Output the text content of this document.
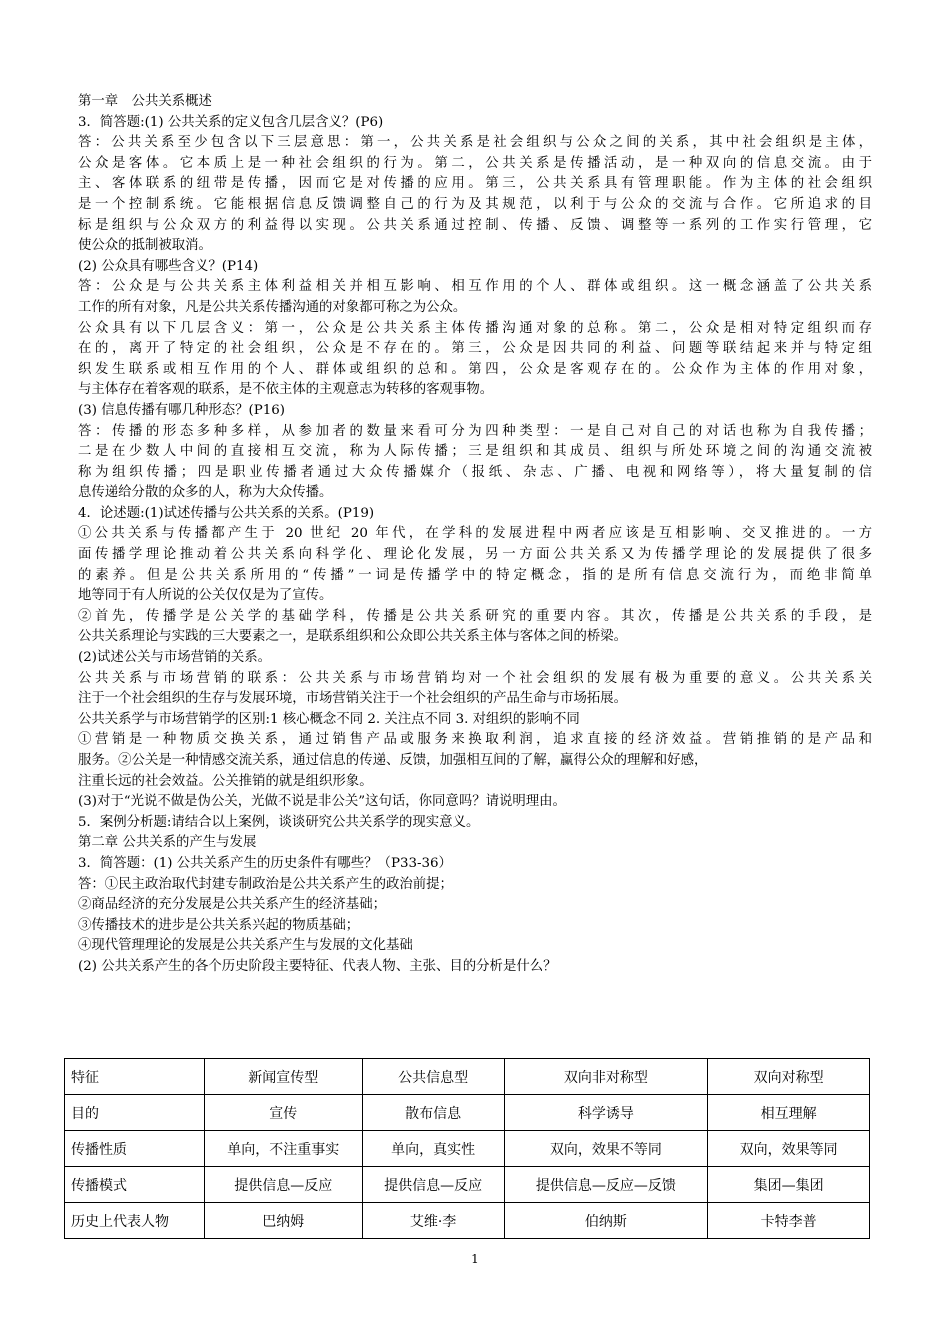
第一章　公共关系概述
3．简答题:(1) 公共关系的定义包含几层含义？(P6)
答：公共关系至少包含以下三层意思：第一，公共关系是社会组织与公众之间的关系，其中社会组织是主体，
公众是客体。它本质上是一种社会组织的行为。第二，公共关系是传播活动，是一种双向的信息交流。由于
主、客体联系的纽带是传播，因而它是对传播的应用。第三，公共关系具有管理职能。作为主体的社会组织
是一个控制系统。它能根据信息反馈调整自己的行为及其规范，以利于与公众的交流与合作。它所追求的目
标是组织与公众双方的利益得以实现。公共关系通过控制、传播、反馈、调整等一系列的工作实行管理，它
使公众的抵制被取消。
(2) 公众具有哪些含义？(P14)
答：公众是与公共关系主体利益相关并相互影响、相互作用的个人、群体或组织。这一概念涵盖了公共关系
工作的所有对象，凡是公共关系传播沟通的对象都可称之为公众。
公众具有以下几层含义：第一，公众是公共关系主体传播沟通对象的总称。第二，公众是相对特定组织而存
在的，离开了特定的社会组织，公众是不存在的。第三，公众是因共同的利益、问题等联结起来并与特定组
织发生联系或相互作用的个人、群体或组织的总和。第四，公众是客观存在的。公众作为主体的作用对象，
与主体存在着客观的联系，是不依主体的主观意志为转移的客观事物。
(3) 信息传播有哪几种形态？(P16)
答：传播的形态多种多样，从参加者的数量来看可分为四种类型：一是自己对自己的对话也称为自我传播；
二是在少数人中间的直接相互交流，称为人际传播；三是组织和其成员、组织与所处环境之间的沟通交流被
称为组织传播；四是职业传播者通过大众传播媒介（报纸、杂志、广播、电视和网络等），将大量复制的信
息传递给分散的众多的人，称为大众传播。
4．论述题:(1)试述传播与公共关系的关系。(P19)
①公共关系与传播都产生于 20 世纪 20 年代，在学科的发展进程中两者应该是互相影响、交叉推进的。一方
面传播学理论推动着公共关系向科学化、理论化发展，另一方面公共关系又为传播学理论的发展提供了很多
的素养。但是公共关系所用的“传播”一词是传播学中的特定概念，指的是所有信息交流行为，而绝非简单
地等同于有人所说的公关仅仅是为了宣传。
②首先，传播学是公关学的基础学科，传播是公共关系研究的重要内容。其次，传播是公共关系的手段，是
公共关系理论与实践的三大要素之一，是联系组织和公众即公共关系主体与客体之间的桥梁。
(2)试述公关与市场营销的关系。
公共关系与市场营销的联系：公共关系与市场营销均对一个社会组织的发展有极为重要的意义。公共关系关
注于一个社会组织的生存与发展环境，市场营销关注于一个社会组织的产品生命与市场拓展。
公共关系学与市场营销学的区别:1 核心概念不同 2. 关注点不同 3. 对组织的影响不同
①营销是一种物质交换关系，通过销售产品或服务来换取利润，追求直接的经济效益。营销推销的是产品和
服务。②公关是一种情感交流关系，通过信息的传递、反馈，加强相互间的了解，赢得公众的理解和好感，
注重长远的社会效益。公关推销的就是组织形象。
(3)对于“光说不做是伪公关，光做不说是非公关”这句话，你同意吗？请说明理由。
5．案例分析题:请结合以上案例，谈谈研究公共关系学的现实意义。
第二章 公共关系的产生与发展
3．简答题：(1) 公共关系产生的历史条件有哪些？（P33-36）
答：①民主政治取代封建专制政治是公共关系产生的政治前提；
②商品经济的充分发展是公共关系产生的经济基础；
③传播技术的进步是公共关系兴起的物质基础；
④现代管理理论的发展是公共关系产生与发展的文化基础
(2) 公共关系产生的各个历史阶段主要特征、代表人物、主张、目的分析是什么？
特征	新闻宣传型	公共信息型	双向非对称型	双向对称型
目的	宣传	散布信息	科学诱导	相互理解
传播性质	单向，不注重事实	单向，真实性	双向，效果不等同	双向，效果等同
传播模式	提供信息—反应	提供信息—反应	提供信息—反应—反馈	集团—集团
历史上代表人物	巴纳姆	艾维·李	伯纳斯	卡特李普
1
